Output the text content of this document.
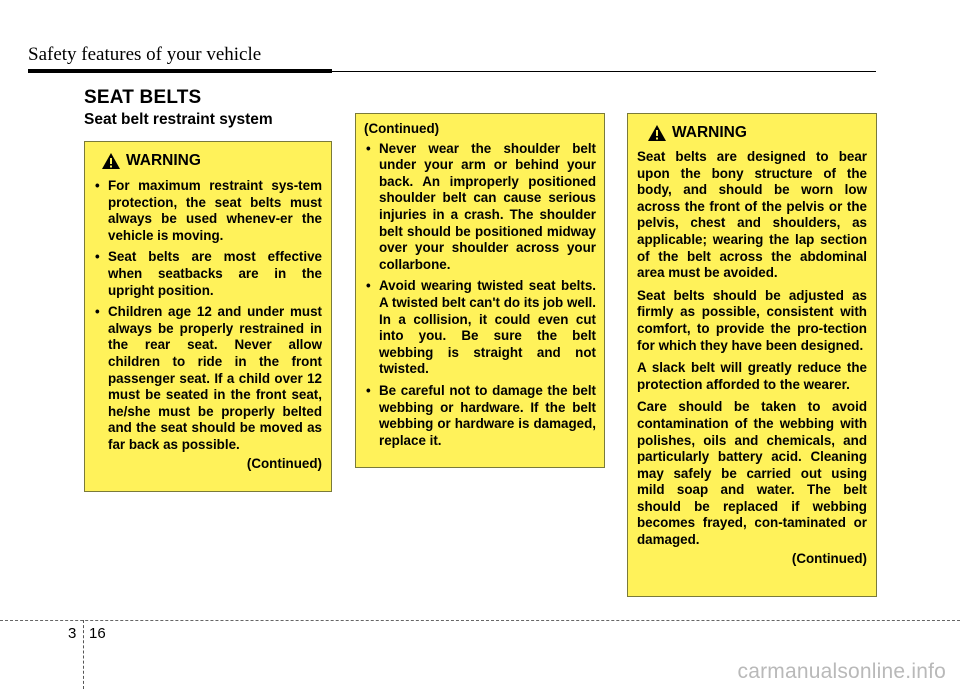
Safety features of your vehicle
SEAT BELTS
Seat belt restraint system
WARNING
• For maximum restraint sys-tem protection, the seat belts must always be used whenev-er the vehicle is moving.
• Seat belts are most effective when seatbacks are in the upright position.
• Children age 12 and under must always be properly restrained in the rear seat. Never allow children to ride in the front passenger seat. If a child over 12 must be seated in the front seat, he/she must be properly belted and the seat should be moved as far back as possible.
(Continued)
(Continued)
• Never wear the shoulder belt under your arm or behind your back. An improperly positioned shoulder belt can cause serious injuries in a crash. The shoulder belt should be positioned midway over your shoulder across your collarbone.
• Avoid wearing twisted seat belts. A twisted belt can't do its job well. In a collision, it could even cut into you. Be sure the belt webbing is straight and not twisted.
• Be careful not to damage the belt webbing or hardware. If the belt webbing or hardware is damaged, replace it.
WARNING

Seat belts are designed to bear upon the bony structure of the body, and should be worn low across the front of the pelvis or the pelvis, chest and shoulders, as applicable; wearing the lap section of the belt across the abdominal area must be avoided.

Seat belts should be adjusted as firmly as possible, consistent with comfort, to provide the pro-tection for which they have been designed.

A slack belt will greatly reduce the protection afforded to the wearer.

Care should be taken to avoid contamination of the webbing with polishes, oils and chemicals, and particularly battery acid. Cleaning may safely be carried out using mild soap and water. The belt should be replaced if webbing becomes frayed, con-taminated or damaged.

(Continued)
3 16
carmanualsonline.info
